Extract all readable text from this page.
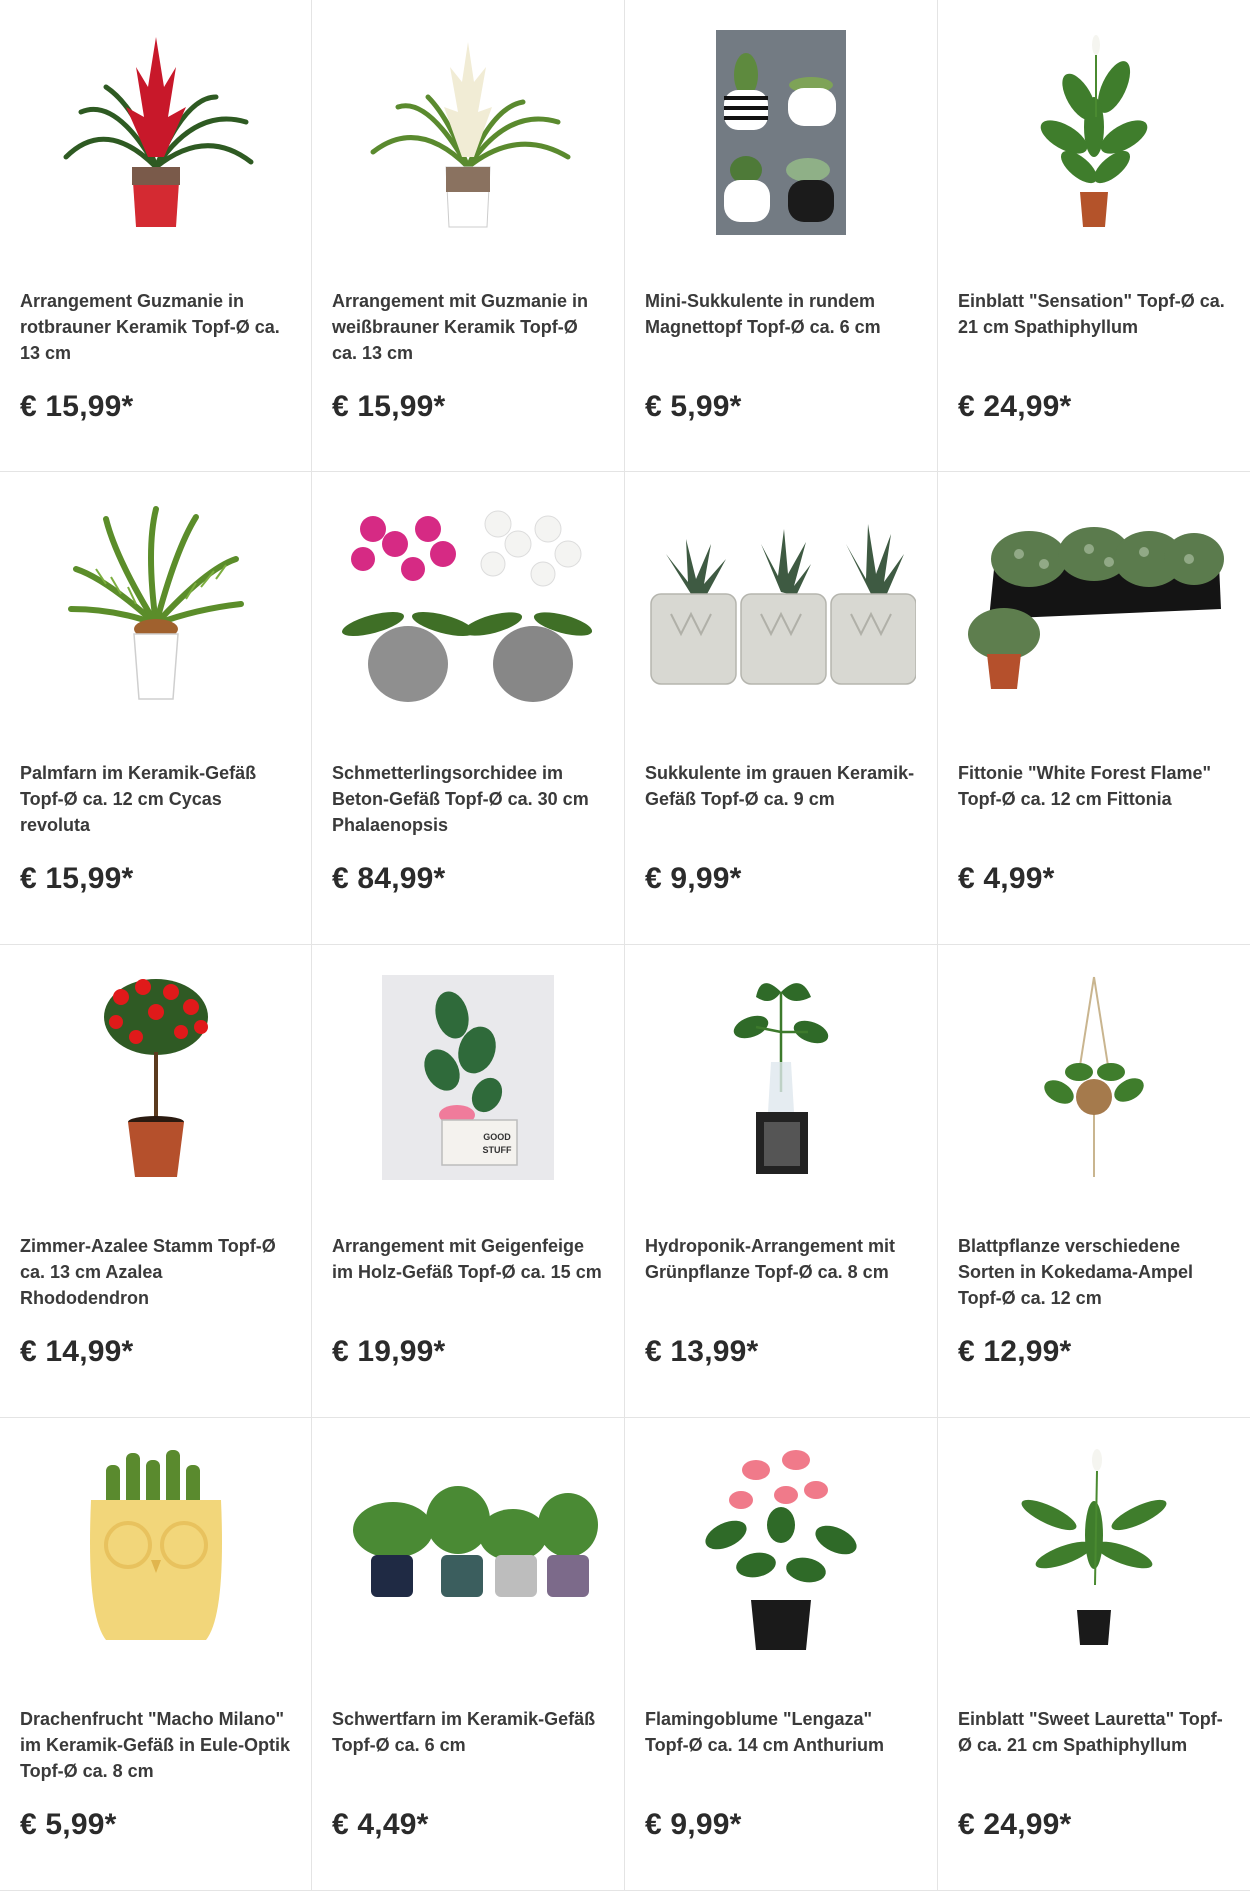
Arrangement Guzmanie in rotbrauner Keramik Topf-Ø ca. 13 cm
€ 15,99*
Arrangement mit Guzmanie in weißbrauner Keramik Topf-Ø ca. 13 cm
€ 15,99*
Mini-Sukkulente in rundem Magnettopf Topf-Ø ca. 6 cm
€ 5,99*
Einblatt "Sensation" Topf-Ø ca. 21 cm Spathiphyllum
€ 24,99*
Palmfarn im Keramik-Gefäß Topf-Ø ca. 12 cm Cycas revoluta
€ 15,99*
Schmetterlingsorchidee im Beton-Gefäß Topf-Ø ca. 30 cm Phalaenopsis
€ 84,99*
Sukkulente im grauen Keramik-Gefäß Topf-Ø ca. 9 cm
€ 9,99*
Fittonie "White Forest Flame" Topf-Ø ca. 12 cm Fittonia
€ 4,99*
Zimmer-Azalee Stamm Topf-Ø ca. 13 cm Azalea Rhododendron
€ 14,99*
GOOD
STUFF
Arrangement mit Geigenfeige im Holz-Gefäß Topf-Ø ca. 15 cm
€ 19,99*
Hydroponik-Arrangement mit Grünpflanze Topf-Ø ca. 8 cm
€ 13,99*
Blattpflanze verschiedene Sorten in Kokedama-Ampel Topf-Ø ca. 12 cm
€ 12,99*
Drachenfrucht "Macho Milano" im Keramik-Gefäß in Eule-Optik Topf-Ø ca. 8 cm
€ 5,99*
Schwertfarn im Keramik-Gefäß Topf-Ø ca. 6 cm
€ 4,49*
Flamingoblume "Lengaza" Topf-Ø ca. 14 cm Anthurium
€ 9,99*
Einblatt "Sweet Lauretta" Topf-Ø ca. 21 cm Spathiphyllum
€ 24,99*
